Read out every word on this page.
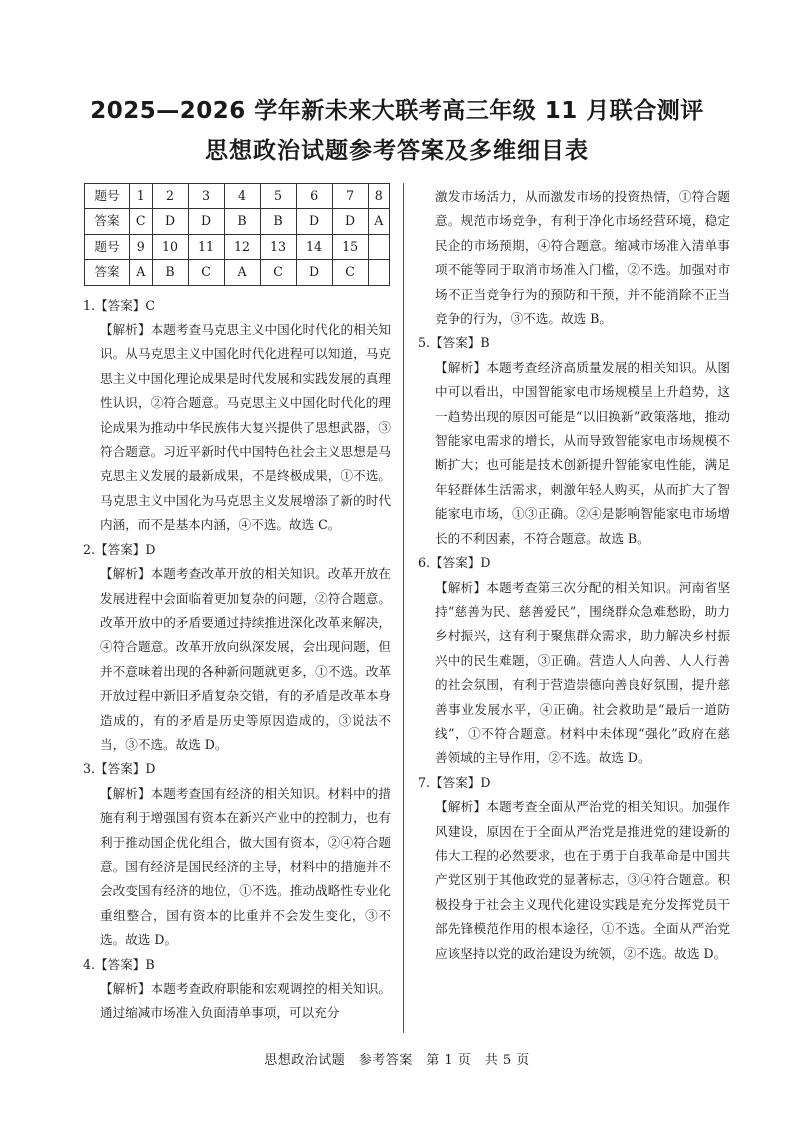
2025—2026 学年新未来大联考高三年级 11 月联合测评
思想政治试题参考答案及多维细目表
题号	1	2	3	4	5	6	7	8
答案	C	D	D	B	B	D	D	A
题号	9	10	11	12	13	14	15	
答案	A	B	C	A	C	D	C	

1.【答案】C

【解析】本题考查马克思主义中国化时代化的相关知识。从马克思主义中国化时代化进程可以知道，马克思主义中国化理论成果是时代发展和实践发展的真理性认识，②符合题意。马克思主义中国化时代化的理论成果为推动中华民族伟大复兴提供了思想武器，③符合题意。习近平新时代中国特色社会主义思想是马克思主义发展的最新成果，不是终极成果，①不选。马克思主义中国化为马克思主义发展增添了新的时代内涵，而不是基本内涵，④不选。故选 C。

2.【答案】D

【解析】本题考查改革开放的相关知识。改革开放在发展进程中会面临着更加复杂的问题，②符合题意。改革开放中的矛盾要通过持续推进深化改革来解决，④符合题意。改革开放向纵深发展，会出现问题，但并不意味着出现的各种新问题就更多，①不选。改革开放过程中新旧矛盾复杂交错，有的矛盾是改革本身造成的，有的矛盾是历史等原因造成的，③说法不当，③不选。故选 D。

3.【答案】D

【解析】本题考查国有经济的相关知识。材料中的措施有利于增强国有资本在新兴产业中的控制力，也有利于推动国企优化组合，做大国有资本，②④符合题意。国有经济是国民经济的主导，材料中的措施并不会改变国有经济的地位，①不选。推动战略性专业化重组整合，国有资本的比重并不会发生变化，③不选。故选 D。

4.【答案】B

【解析】本题考查政府职能和宏观调控的相关知识。通过缩减市场准入负面清单事项，可以充分

激发市场活力，从而激发市场的投资热情，①符合题意。规范市场竞争，有利于净化市场经营环境，稳定民企的市场预期，④符合题意。缩减市场准入清单事项不能等同于取消市场准入门槛，②不选。加强对市场不正当竞争行为的预防和干预，并不能消除不正当竞争的行为，③不选。故选 B。

5.【答案】B

【解析】本题考查经济高质量发展的相关知识。从图中可以看出，中国智能家电市场规模呈上升趋势，这一趋势出现的原因可能是“以旧换新”政策落地，推动智能家电需求的增长，从而导致智能家电市场规模不断扩大；也可能是技术创新提升智能家电性能，满足年轻群体生活需求，刺激年轻人购买，从而扩大了智能家电市场，①③正确。②④是影响智能家电市场增长的不利因素，不符合题意。故选 B。

6.【答案】D

【解析】本题考查第三次分配的相关知识。河南省坚持“慈善为民、慈善爱民”，围绕群众急难愁盼，助力乡村振兴，这有利于聚焦群众需求，助力解决乡村振兴中的民生难题，③正确。营造人人向善、人人行善的社会氛围，有利于营造崇德向善良好氛围，提升慈善事业发展水平，④正确。社会救助是“最后一道防线”，①不符合题意。材料中未体现“强化”政府在慈善领域的主导作用，②不选。故选 D。

7.【答案】D

【解析】本题考查全面从严治党的相关知识。加强作风建设，原因在于全面从严治党是推进党的建设新的伟大工程的必然要求，也在于勇于自我革命是中国共产党区别于其他政党的显著标志，③④符合题意。积极投身于社会主义现代化建设实践是充分发挥党员干部先锋模范作用的根本途径，①不选。全面从严治党应该坚持以党的政治建设为统领，②不选。故选 D。

思想政治试题　参考答案　第 1 页　共 5 页
